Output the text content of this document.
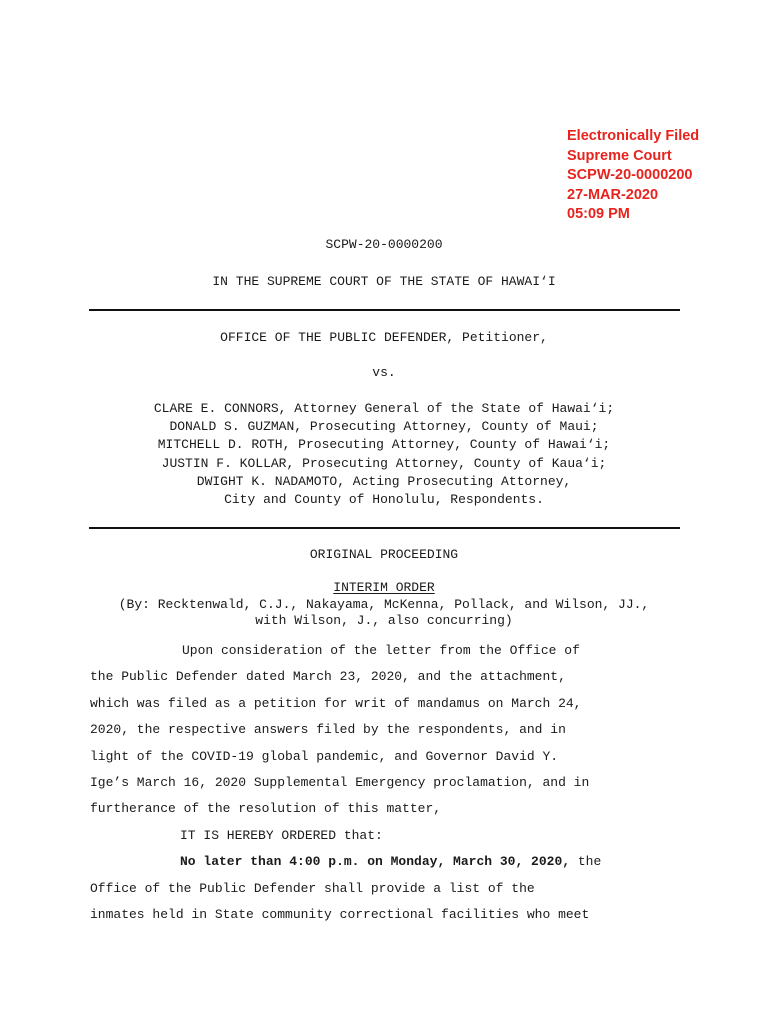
Electronically Filed
Supreme Court
SCPW-20-0000200
27-MAR-2020
05:09 PM
SCPW-20-0000200
IN THE SUPREME COURT OF THE STATE OF HAWAI‘I
OFFICE OF THE PUBLIC DEFENDER, Petitioner,
vs.
CLARE E. CONNORS, Attorney General of the State of Hawai‘i;
DONALD S. GUZMAN, Prosecuting Attorney, County of Maui;
MITCHELL D. ROTH, Prosecuting Attorney, County of Hawai‘i;
JUSTIN F. KOLLAR, Prosecuting Attorney, County of Kaua‘i;
DWIGHT K. NADAMOTO, Acting Prosecuting Attorney,
City and County of Honolulu, Respondents.
ORIGINAL PROCEEDING
INTERIM ORDER
(By: Recktenwald, C.J., Nakayama, McKenna, Pollack, and Wilson, JJ.,
with Wilson, J., also concurring)
Upon consideration of the letter from the Office of
the Public Defender dated March 23, 2020, and the attachment,
which was filed as a petition for writ of mandamus on March 24,
2020, the respective answers filed by the respondents, and in
light of the COVID-19 global pandemic, and Governor David Y.
Ige’s March 16, 2020 Supplemental Emergency proclamation, and in
furtherance of the resolution of this matter,
IT IS HEREBY ORDERED that:
No later than 4:00 p.m. on Monday, March 30, 2020, the
Office of the Public Defender shall provide a list of the
inmates held in State community correctional facilities who meet
